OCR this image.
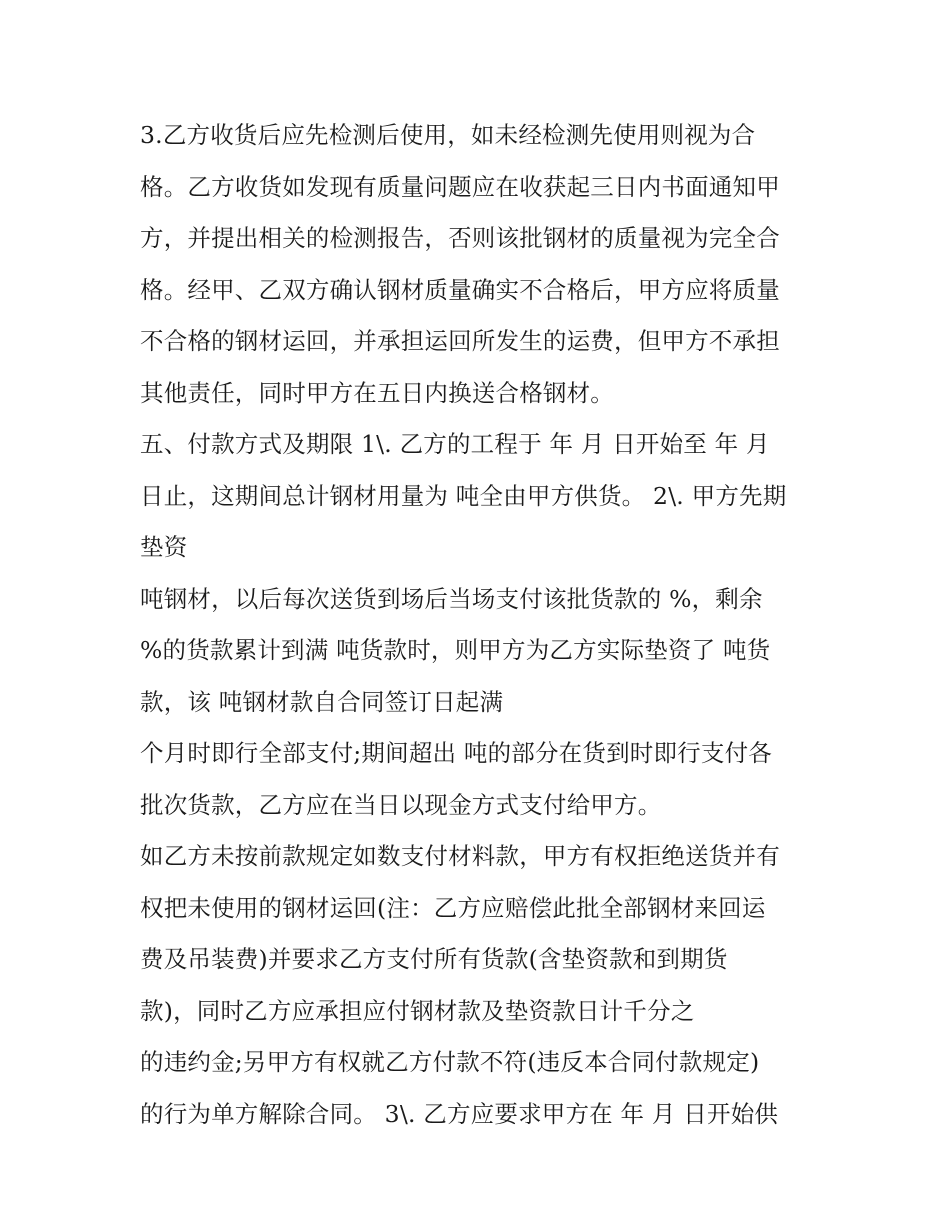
3.乙方收货后应先检测后使用，如未经检测先使用则视为合
格。乙方收货如发现有质量问题应在收获起三日内书面通知甲
方，并提出相关的检测报告，否则该批钢材的质量视为完全合
格。经甲、乙双方确认钢材质量确实不合格后，甲方应将质量
不合格的钢材运回，并承担运回所发生的运费，但甲方不承担
其他责任，同时甲方在五日内换送合格钢材。
五、付款方式及期限 1\. 乙方的工程于 年 月 日开始至 年 月
日止，这期间总计钢材用量为 吨全由甲方供货。 2\. 甲方先期
垫资
吨钢材，以后每次送货到场后当场支付该批货款的 %，剩余
%的货款累计到满 吨货款时，则甲方为乙方实际垫资了 吨货
款，该 吨钢材款自合同签订日起满
个月时即行全部支付;期间超出 吨的部分在货到时即行支付各
批次货款，乙方应在当日以现金方式支付给甲方。
如乙方未按前款规定如数支付材料款，甲方有权拒绝送货并有
权把未使用的钢材运回(注：乙方应赔偿此批全部钢材来回运
费及吊装费)并要求乙方支付所有货款(含垫资款和到期货
款)，同时乙方应承担应付钢材款及垫资款日计千分之
的违约金;另甲方有权就乙方付款不符(违反本合同付款规定)
的行为单方解除合同。 3\. 乙方应要求甲方在 年 月 日开始供
